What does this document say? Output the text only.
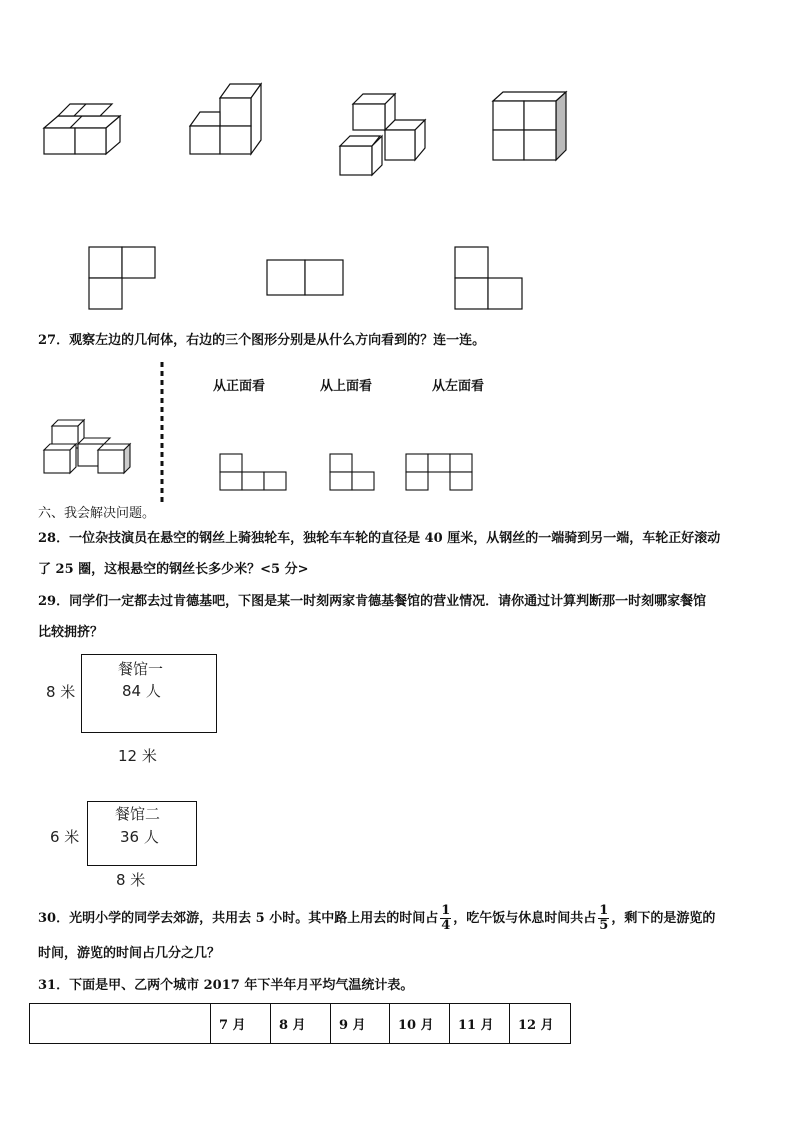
27．观察左边的几何体，右边的三个图形分别是从什么方向看到的？连一连。
从正面看	从上面看	从左面看
六、我会解决问题。
28．一位杂技演员在悬空的钢丝上骑独轮车，独轮车车轮的直径是 40 厘米，从钢丝的一端骑到另一端，车轮正好滚动
了 25 圈，这根悬空的钢丝长多少米？<5 分>
29．同学们一定都去过肯德基吧，下图是某一时刻两家肯德基餐馆的营业情况．请你通过计算判断那一时刻哪家餐馆
比较拥挤？
餐馆一
84 人
8 米
12 米
餐馆二
36 人
6 米
8 米
30．光明小学的同学去郊游，共用去 5 小时。其中路上用去的时间占 $\frac{1}{4}$ ，吃午饭与休息时间共占 $\frac{1}{5}$ ，剩下的是游览的
时间，游览的时间占几分之几？
31．下面是甲、乙两个城市 2017 年下半年月平均气温统计表。
	7 月	8 月	9 月	10 月	11 月	12 月
